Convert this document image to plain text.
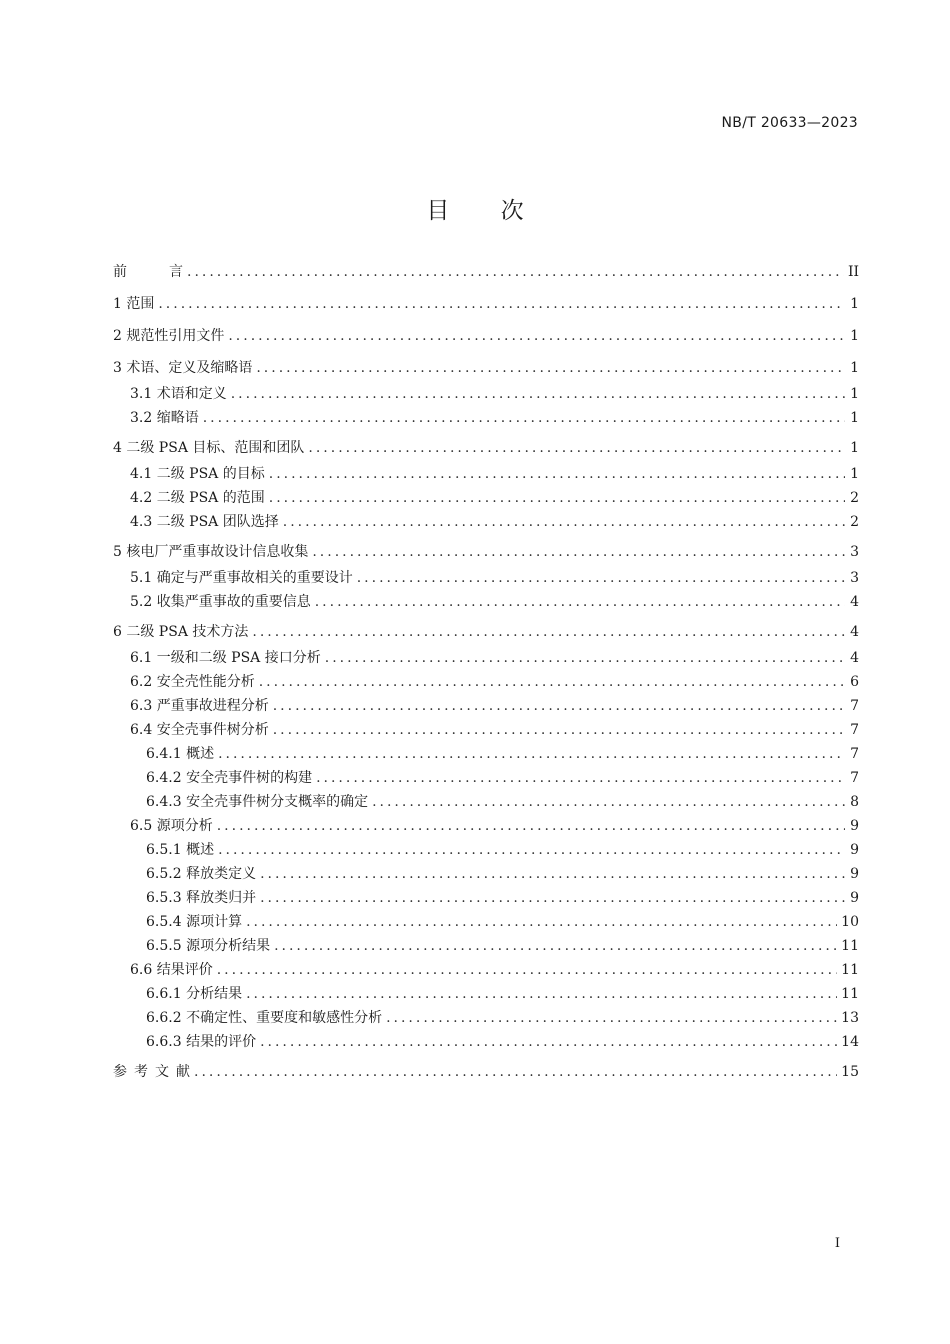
NB/T 20633—2023
目 次
前   言 .....	II
1 范围 .....	1
2 规范性引用文件 .....	1
3 术语、定义及缩略语 .....	1
3.1 术语和定义 .....	1
3.2 缩略语 .....	1
4 二级 PSA 目标、范围和团队 .....	1
4.1 二级 PSA 的目标 .....	1
4.2 二级 PSA 的范围 .....	2
4.3 二级 PSA 团队选择 .....	2
5 核电厂严重事故设计信息收集 .....	3
5.1 确定与严重事故相关的重要设计 .....	3
5.2 收集严重事故的重要信息 .....	4
6 二级 PSA 技术方法 .....	4
6.1 一级和二级 PSA 接口分析 .....	4
6.2 安全壳性能分析 .....	6
6.3 严重事故进程分析 .....	7
6.4 安全壳事件树分析 .....	7
6.4.1 概述 .....	7
6.4.2 安全壳事件树的构建 .....	7
6.4.3 安全壳事件树分支概率的确定 .....	8
6.5 源项分析 .....	9
6.5.1 概述 .....	9
6.5.2 释放类定义 .....	9
6.5.3 释放类归并 .....	9
6.5.4 源项计算 .....	10
6.5.5 源项分析结果 .....	11
6.6 结果评价 .....	11
6.6.1 分析结果 .....	11
6.6.2 不确定性、重要度和敏感性分析 .....	13
6.6.3 结果的评价 .....	14
参 考 文 献 .....	15
I
